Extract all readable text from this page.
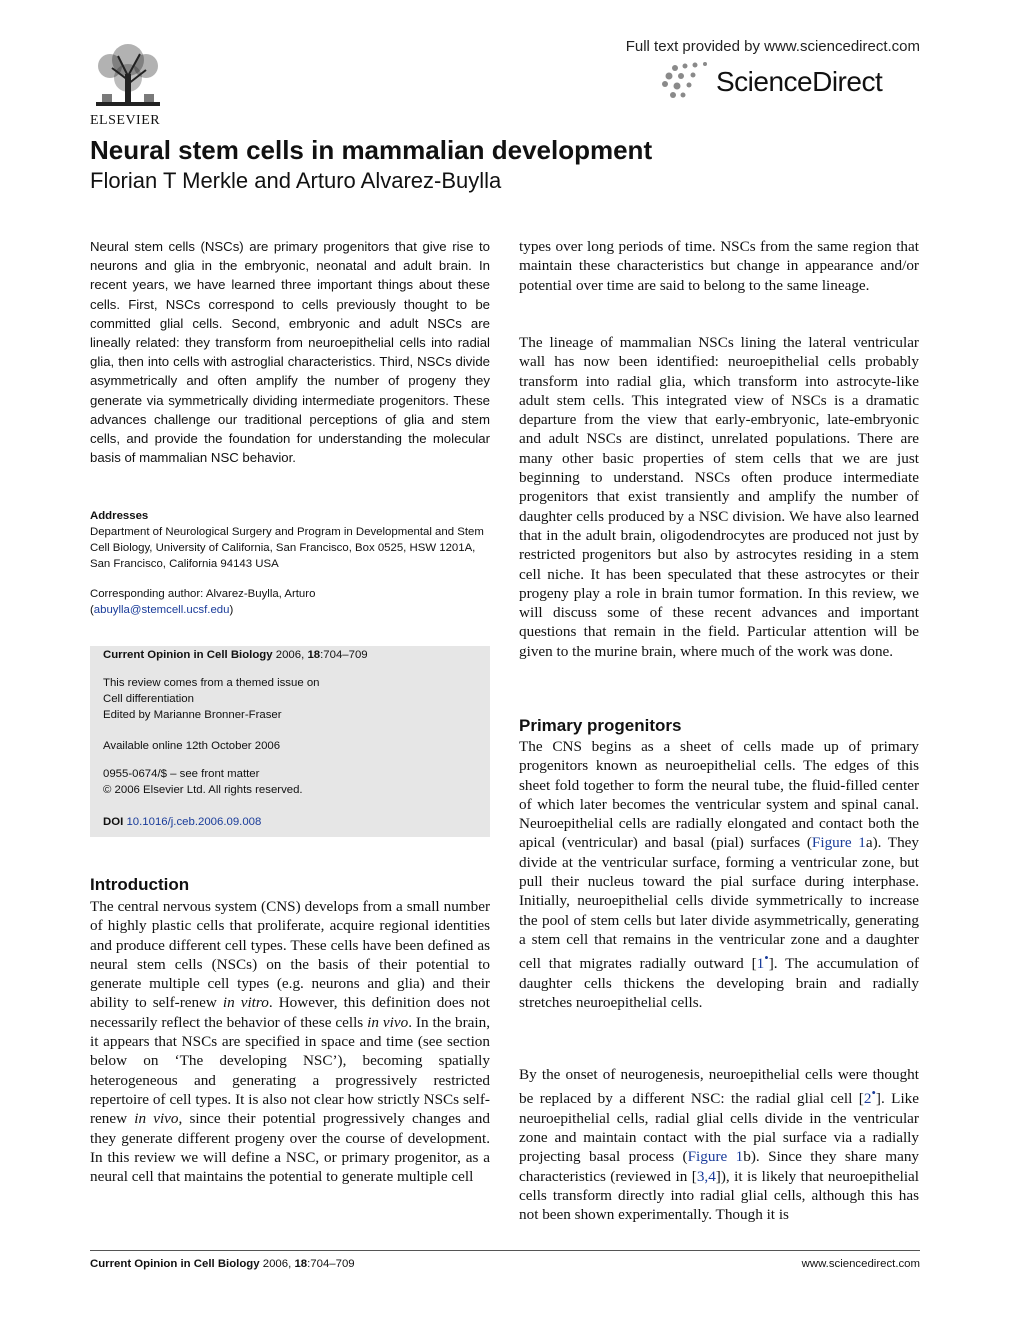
ELSEVIER
Full text provided by www.sciencedirect.com
ScienceDirect
Neural stem cells in mammalian development
Florian T Merkle and Arturo Alvarez-Buylla
Neural stem cells (NSCs) are primary progenitors that give rise to neurons and glia in the embryonic, neonatal and adult brain. In recent years, we have learned three important things about these cells. First, NSCs correspond to cells previously thought to be committed glial cells. Second, embryonic and adult NSCs are lineally related: they transform from neuroepithelial cells into radial glia, then into cells with astroglial characteristics. Third, NSCs divide asymmetrically and often amplify the number of progeny they generate via symmetrically dividing intermediate progenitors. These advances challenge our traditional perceptions of glia and stem cells, and provide the foundation for understanding the molecular basis of mammalian NSC behavior.
Addresses
Department of Neurological Surgery and Program in Developmental and Stem Cell Biology, University of California, San Francisco, Box 0525, HSW 1201A, San Francisco, California 94143 USA
Corresponding author: Alvarez-Buylla, Arturo
(abuylla@stemcell.ucsf.edu)
Current Opinion in Cell Biology 2006, 18:704–709
This review comes from a themed issue on
Cell differentiation
Edited by Marianne Bronner-Fraser
Available online 12th October 2006
0955-0674/$ – see front matter
© 2006 Elsevier Ltd. All rights reserved.
DOI 10.1016/j.ceb.2006.09.008
Introduction

The central nervous system (CNS) develops from a small number of highly plastic cells that proliferate, acquire regional identities and produce different cell types. These cells have been defined as neural stem cells (NSCs) on the basis of their potential to generate multiple cell types (e.g. neurons and glia) and their ability to self-renew in vitro. However, this definition does not necessarily reflect the behavior of these cells in vivo. In the brain, it appears that NSCs are specified in space and time (see section below on ‘The developing NSC’), becoming spatially heterogeneous and generating a progressively restricted repertoire of cell types. It is also not clear how strictly NSCs self-renew in vivo, since their potential progressively changes and they generate different progeny over the course of development. In this review we will define a NSC, or primary progenitor, as a neural cell that maintains the potential to generate multiple cell

types over long periods of time. NSCs from the same region that maintain these characteristics but change in appearance and/or potential over time are said to belong to the same lineage.

The lineage of mammalian NSCs lining the lateral ventricular wall has now been identified: neuroepithelial cells probably transform into radial glia, which transform into astrocyte-like adult stem cells. This integrated view of NSCs is a dramatic departure from the view that early-embryonic, late-embryonic and adult NSCs are distinct, unrelated populations. There are many other basic properties of stem cells that we are just beginning to understand. NSCs often produce intermediate progenitors that exist transiently and amplify the number of daughter cells produced by a NSC division. We have also learned that in the adult brain, oligodendrocytes are produced not just by restricted progenitors but also by astrocytes residing in a stem cell niche. It has been speculated that these astrocytes or their progeny play a role in brain tumor formation. In this review, we will discuss some of these recent advances and important questions that remain in the field. Particular attention will be given to the murine brain, where much of the work was done.

Primary progenitors

The CNS begins as a sheet of cells made up of primary progenitors known as neuroepithelial cells. The edges of this sheet fold together to form the neural tube, the fluid-filled center of which later becomes the ventricular system and spinal canal. Neuroepithelial cells are radially elongated and contact both the apical (ventricular) and basal (pial) surfaces (Figure 1a). They divide at the ventricular surface, forming a ventricular zone, but pull their nucleus toward the pial surface during interphase. Initially, neuroepithelial cells divide symmetrically to increase the pool of stem cells but later divide asymmetrically, generating a stem cell that remains in the ventricular zone and a daughter cell that migrates radially outward [1•]. The accumulation of daughter cells thickens the developing brain and radially stretches neuroepithelial cells.

By the onset of neurogenesis, neuroepithelial cells were thought be replaced by a different NSC: the radial glial cell [2•]. Like neuroepithelial cells, radial glial cells divide in the ventricular zone and maintain contact with the pial surface via a radially projecting basal process (Figure 1b). Since they share many characteristics (reviewed in [3,4]), it is likely that neuroepithelial cells transform directly into radial glial cells, although this has not been shown experimentally. Though it is

Current Opinion in Cell Biology 2006, 18:704–709	www.sciencedirect.com
